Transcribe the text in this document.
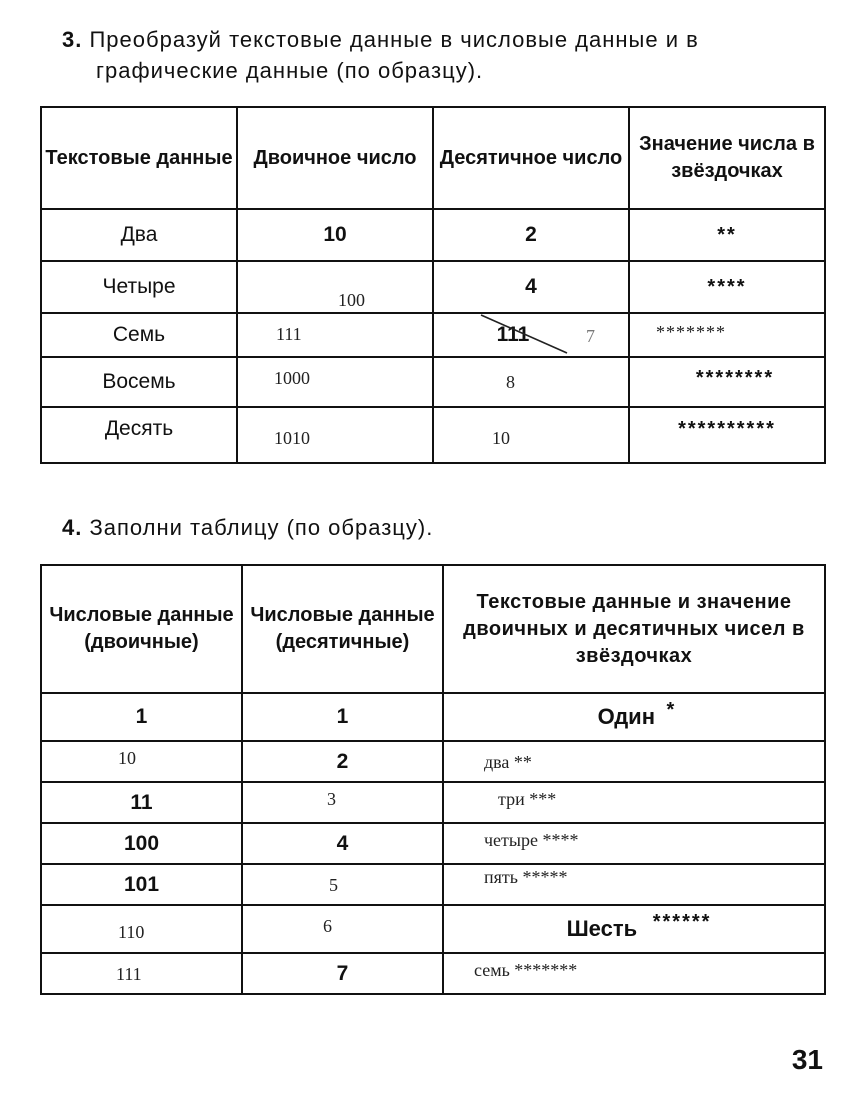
3. Преобразуй текстовые данные в числовые данные и в
графические данные (по образцу).
Текстовые данные	Двоичное число	Десятичное число	Значение числа в звёздочках
Два	10	2	**
Четыре	100	4	****
Семь	111	111 7	*******

Восемь	1000	8	********
Десять	1010	10	**********
4. Заполни таблицу (по образцу).
Числовые данные (двоичные)	Числовые данные (десятичные)	Текстовые данные и значение двоичных и десятичных чисел в звёздочках
1	1	Один *

10	2	два **

11	3	три ***

100	4	четыре ****

101	5	пять *****

110	6	Шесть ******

111	7	семь *******
31
